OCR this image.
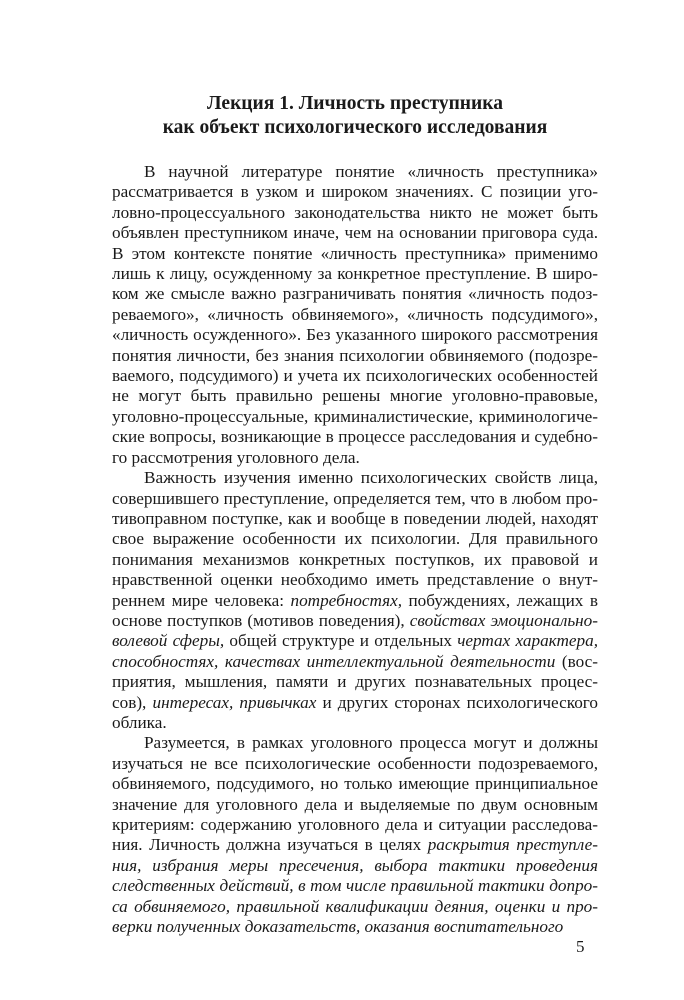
Лекция 1. Личность преступника
как объект психологического исследования

В научной литературе понятие «личность преступника» рассматривается в узком и широком значениях. С позиции уголовно-процессуального законодательства никто не может быть объявлен преступником иначе, чем на основании приговора суда. В этом контексте понятие «личность преступника» применимо лишь к лицу, осужденному за конкретное преступление. В широком же смысле важно разграничивать понятия «личность подозреваемого», «личность обвиняемого», «личность подсудимого», «личность осужденного». Без указанного широкого рассмотрения понятия личности, без знания психологии обвиняемого (подозреваемого, подсудимого) и учета их психологических особенностей не могут быть правильно решены многие уголовно-правовые, уголовно-процессуальные, криминалистические, криминологические вопросы, возникающие в процессе расследования и судебного рассмотрения уголовного дела.

Важность изучения именно психологических свойств лица, совершившего преступление, определяется тем, что в любом противоправном поступке, как и вообще в поведении людей, находят свое выражение особенности их психологии. Для правильного понимания механизмов конкретных поступков, их правовой и нравственной оценки необходимо иметь представление о внутреннем мире человека: потребностях, побуждениях, лежащих в основе поступков (мотивов поведения), свойствах эмоционально-волевой сферы, общей структуре и отдельных чертах характера, способностях, качествах интеллектуальной деятельности (восприятия, мышления, памяти и других познавательных процессов), интересах, привычках и других сторонах психологического облика.

Разумеется, в рамках уголовного процесса могут и должны изучаться не все психологические особенности подозреваемого, обвиняемого, подсудимого, но только имеющие принципиальное значение для уголовного дела и выделяемые по двум основным критериям: содержанию уголовного дела и ситуации расследования. Личность должна изучаться в целях раскрытия преступления, избрания меры пресечения, выбора тактики проведения следственных действий, в том числе правильной тактики допроса обвиняемого, правильной квалификации деяния, оценки и проверки полученных доказательств, оказания воспитательного

5
